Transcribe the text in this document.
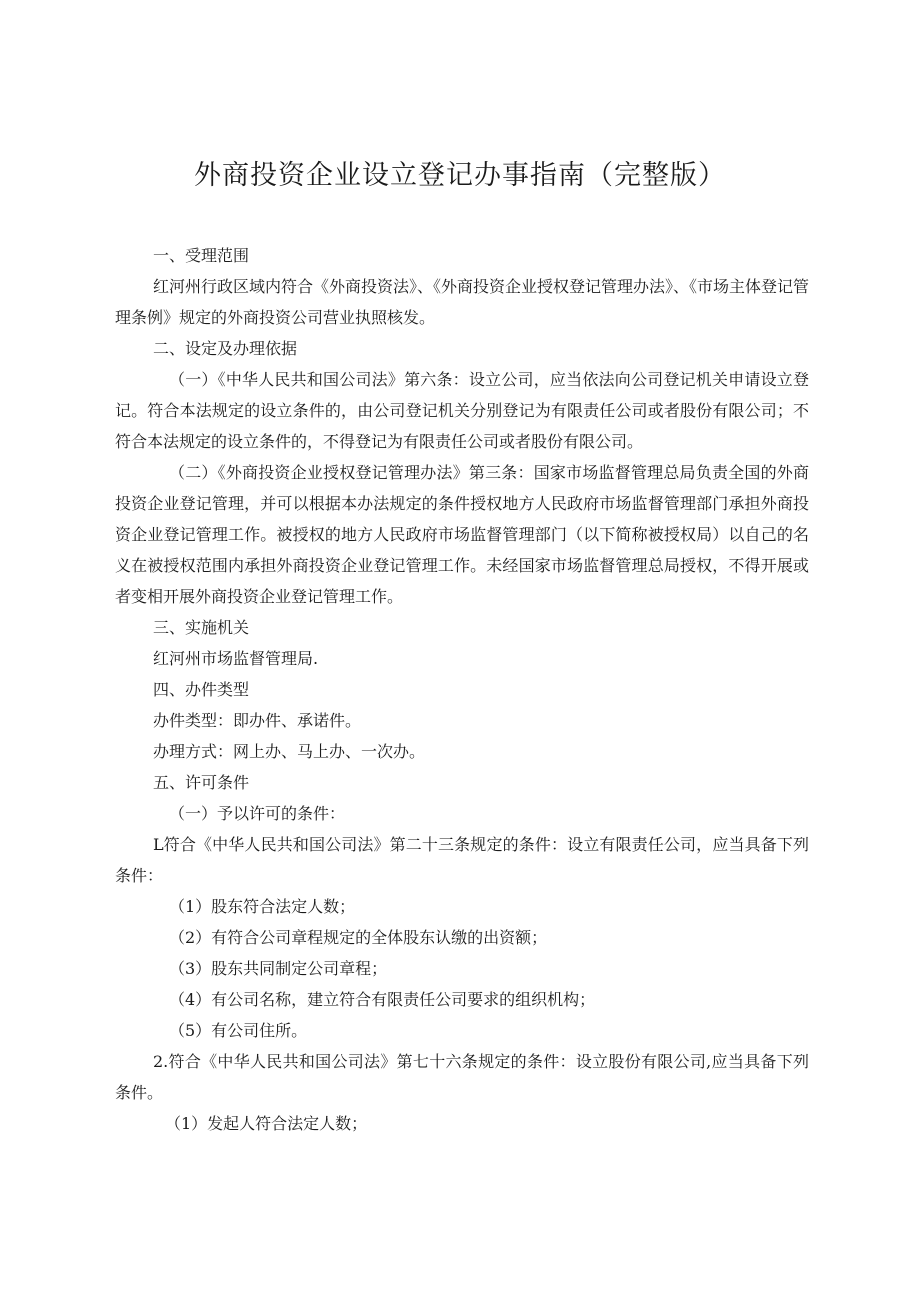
外商投资企业设立登记办事指南（完整版）

一、受理范围

红河州行政区域内符合《外商投资法》、《外商投资企业授权登记管理办法》、《市场主体登记管理条例》规定的外商投资公司营业执照核发。

二、设定及办理依据

（一）《中华人民共和国公司法》第六条：设立公司，应当依法向公司登记机关申请设立登记。符合本法规定的设立条件的，由公司登记机关分别登记为有限责任公司或者股份有限公司；不符合本法规定的设立条件的，不得登记为有限责任公司或者股份有限公司。

（二）《外商投资企业授权登记管理办法》第三条：国家市场监督管理总局负责全国的外商投资企业登记管理，并可以根据本办法规定的条件授权地方人民政府市场监督管理部门承担外商投资企业登记管理工作。被授权的地方人民政府市场监督管理部门（以下简称被授权局）以自己的名义在被授权范围内承担外商投资企业登记管理工作。未经国家市场监督管理总局授权，不得开展或者变相开展外商投资企业登记管理工作。

三、实施机关

红河州市场监督管理局.

四、办件类型

办件类型：即办件、承诺件。

办理方式：网上办、马上办、一次办。

五、许可条件

（一）予以许可的条件：

L符合《中华人民共和国公司法》第二十三条规定的条件：设立有限责任公司，应当具备下列条件：

（1）股东符合法定人数；

（2）有符合公司章程规定的全体股东认缴的出资额；

（3）股东共同制定公司章程；

（4）有公司名称，建立符合有限责任公司要求的组织机构；

（5）有公司住所。

2.符合《中华人民共和国公司法》第七十六条规定的条件：设立股份有限公司,应当具备下列条件。

（1）发起人符合法定人数；
